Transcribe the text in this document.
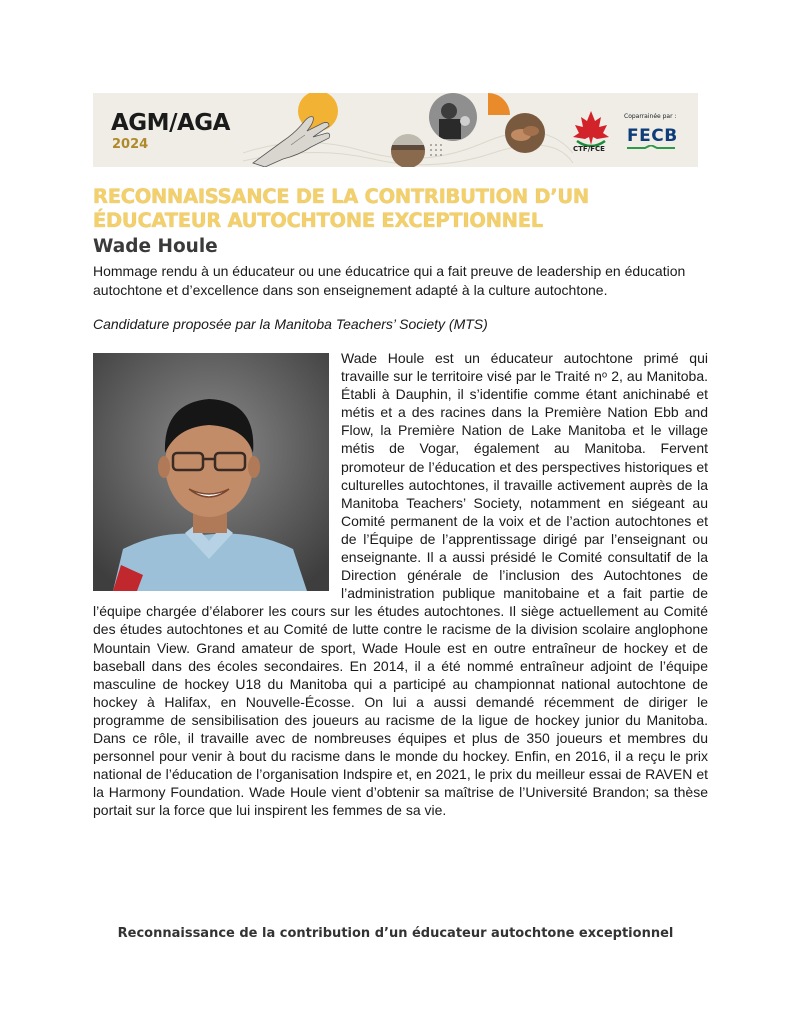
AGM/AGA
2024	CTF/FCE
Coparrainée par :
FECB
RECONNAISSANCE DE LA CONTRIBUTION D’UN
ÉDUCATEUR AUTOCHTONE EXCEPTIONNEL
Wade Houle
Hommage rendu à un éducateur ou une éducatrice qui a fait preuve de leadership en éducation autochtone et d’excellence dans son enseignement adapté à la culture autochtone.
Candidature proposée par la Manitoba Teachers’ Society (MTS)
Wade Houle est un éducateur autochtone primé qui travaille sur le territoire visé par le Traité nᵒ 2, au Manitoba. Établi à Dauphin, il s’identifie comme étant anichinabé et métis et a des racines dans la Première Nation Ebb and Flow, la Première Nation de Lake Manitoba et le village métis de Vogar, également au Manitoba. Fervent promoteur de l’éducation et des perspectives historiques et culturelles autochtones, il travaille activement auprès de la Manitoba Teachers’ Society, notamment en siégeant au Comité permanent de la voix et de l’action autochtones et de l’Équipe de l’apprentissage dirigé par l’enseignant ou enseignante. Il a aussi présidé le Comité consultatif de la Direction générale de l’inclusion des Autochtones de l’administration publique manitobaine et a fait partie de l’équipe chargée d’élaborer les cours sur les études autochtones. Il siège actuellement au Comité des études autochtones et au Comité de lutte contre le racisme de la division scolaire anglophone Mountain View. Grand amateur de sport, Wade Houle est en outre entraîneur de hockey et de baseball dans des écoles secondaires. En 2014, il a été nommé entraîneur adjoint de l’équipe masculine de hockey U18 du Manitoba qui a participé au championnat national autochtone de hockey à Halifax, en Nouvelle-Écosse. On lui a aussi demandé récemment de diriger le programme de sensibilisation des joueurs au racisme de la ligue de hockey junior du Manitoba. Dans ce rôle, il travaille avec de nombreuses équipes et plus de 350 joueurs et membres du personnel pour venir à bout du racisme dans le monde du hockey. Enfin, en 2016, il a reçu le prix national de l’éducation de l’organisation Indspire et, en 2021, le prix du meilleur essai de RAVEN et la Harmony Foundation. Wade Houle vient d’obtenir sa maîtrise de l’Université Brandon; sa thèse portait sur la force que lui inspirent les femmes de sa vie.
Reconnaissance de la contribution d’un éducateur autochtone exceptionnel
